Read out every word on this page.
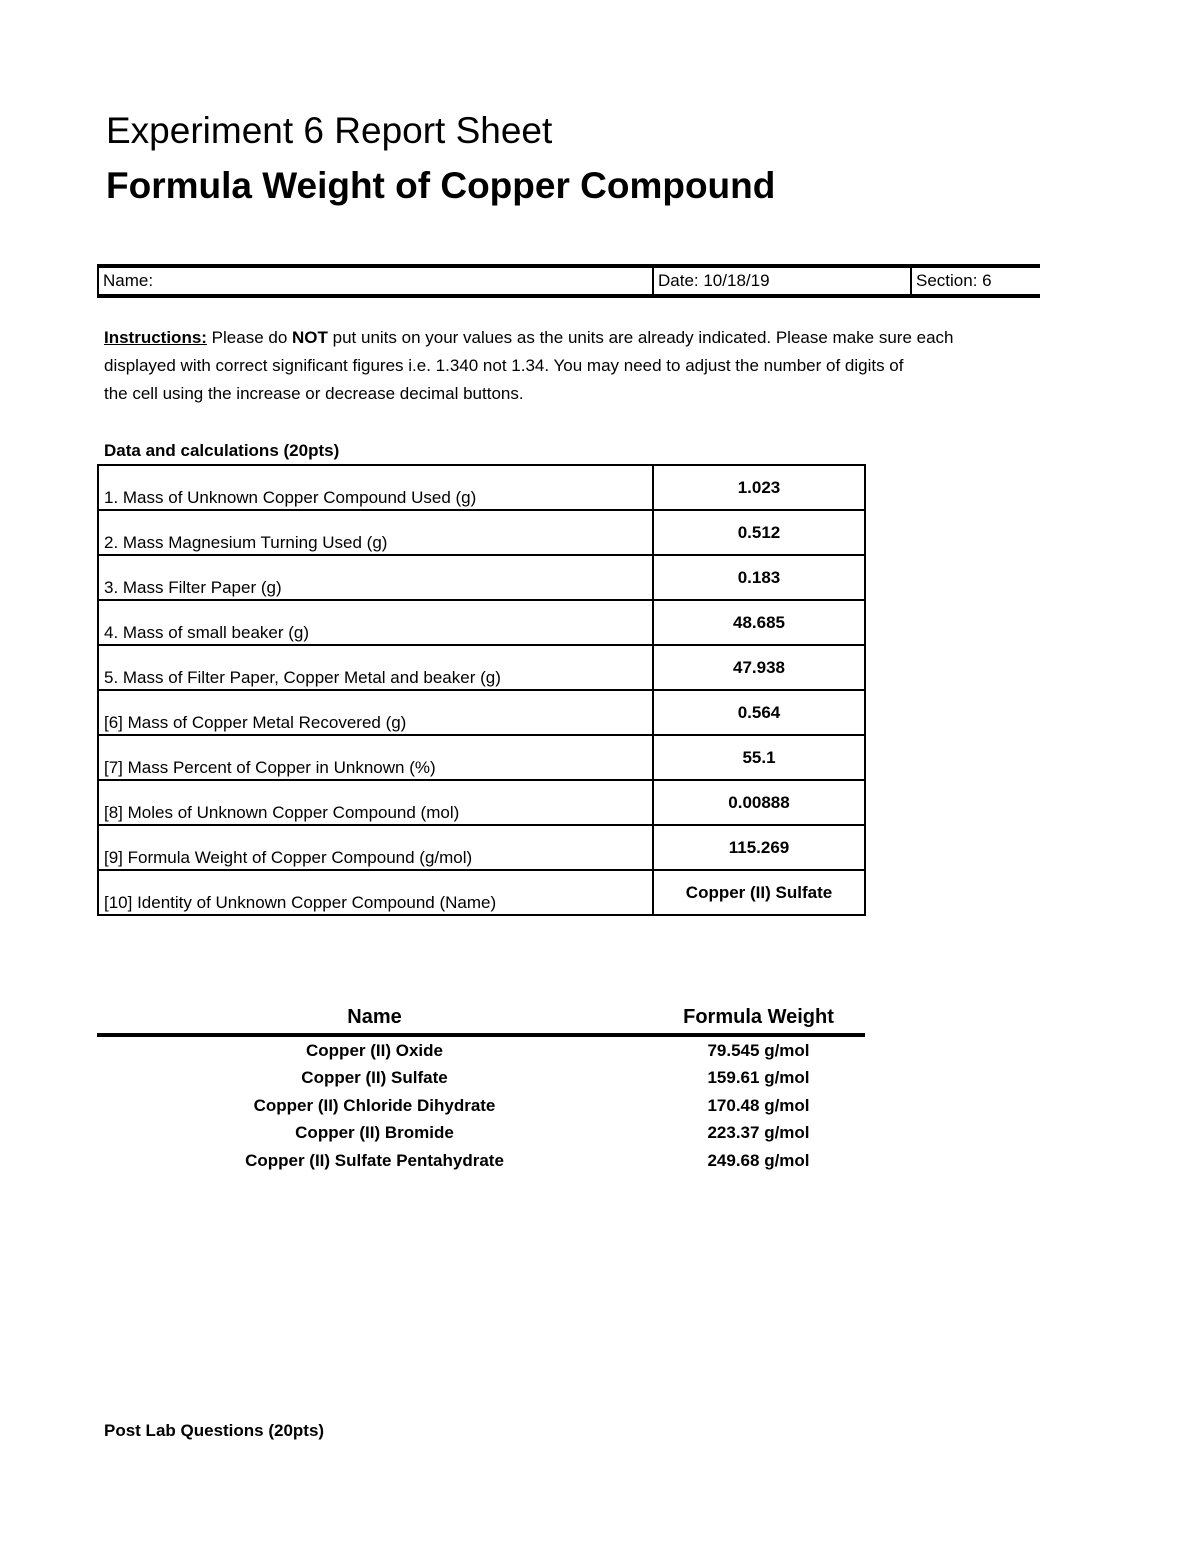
Experiment 6 Report Sheet
Formula Weight of Copper Compound
Name:	Date: 10/18/19	Section: 6
Instructions: Please do NOT put units on your values as the units are already indicated. Please make sure each
displayed with correct significant figures i.e. 1.340 not 1.34. You may need to adjust the number of digits of
the cell using the increase or decrease decimal buttons.
Data and calculations (20pts)
1. Mass of Unknown Copper Compound Used (g)	1.023
2. Mass Magnesium Turning Used (g)	0.512
3. Mass Filter Paper (g)	0.183
4. Mass of small beaker (g)	48.685
5. Mass of Filter Paper, Copper Metal and beaker (g)	47.938
[6] Mass of Copper Metal Recovered (g)	0.564
[7] Mass Percent of Copper in Unknown (%)	55.1
[8] Moles of Unknown Copper Compound (mol)	0.00888
[9] Formula Weight of Copper Compound (g/mol)	115.269
[10] Identity of Unknown Copper Compound (Name)	Copper (II) Sulfate
Name	Formula Weight
Copper (II) Oxide	79.545 g/mol
Copper (II) Sulfate	159.61 g/mol
Copper (II) Chloride Dihydrate	170.48 g/mol
Copper (II) Bromide	223.37 g/mol
Copper (II) Sulfate Pentahydrate	249.68 g/mol
Post Lab Questions (20pts)
